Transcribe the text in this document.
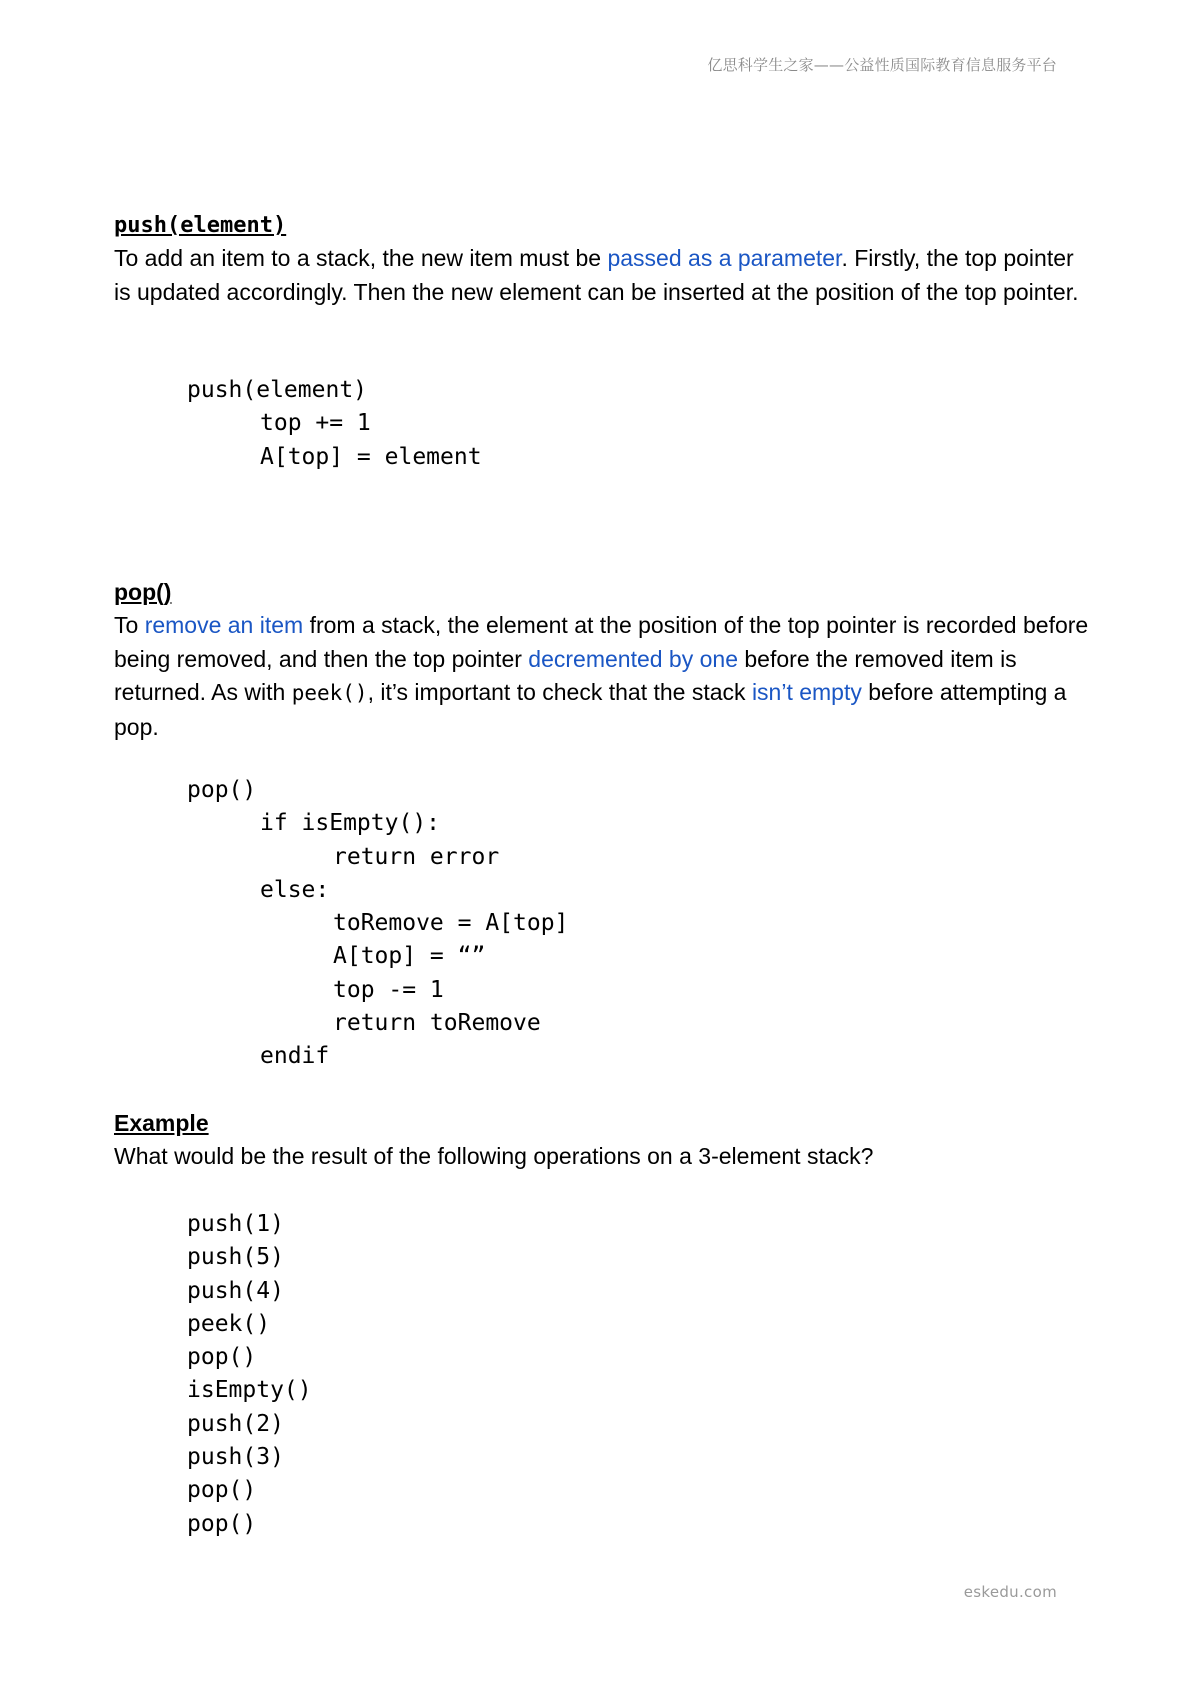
亿思科学生之家——公益性质国际教育信息服务平台
push(element)

To add an item to a stack, the new item must be passed as a parameter. Firstly, the top pointer is updated accordingly. Then the new element can be inserted at the position of the top pointer.

push(element)
top += 1
A[top] = element
pop()

To remove an item from a stack, the element at the position of the top pointer is recorded before being removed, and then the top pointer decremented by one before the removed item is returned. As with peek(), it’s important to check that the stack isn’t empty before attempting a pop.

pop()
if isEmpty():
return error
else:
toRemove = A[top]
A[top] = “”
top -= 1
return toRemove
endif
Example

What would be the result of the following operations on a 3-element stack?

push(1)
push(5)
push(4)
peek()
pop()
isEmpty()
push(2)
push(3)
pop()
pop()
eskedu.com
